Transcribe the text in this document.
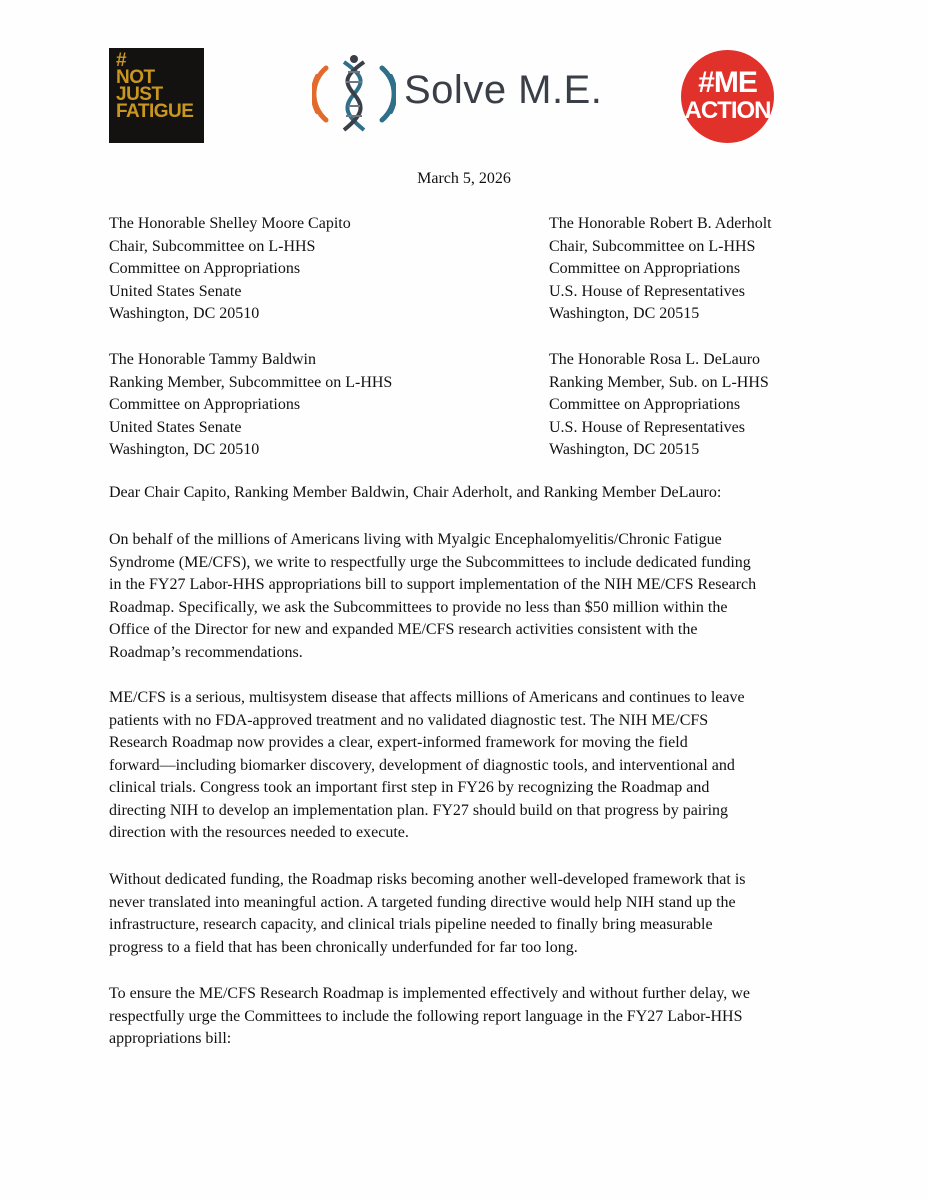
#
NOT
JUST
FATIGUE	Solve M.E.	#ME
ACTION
March 5, 2026
The Honorable Shelley Moore Capito
Chair, Subcommittee on L-HHS
Committee on Appropriations
United States Senate
Washington, DC 20510
The Honorable Robert B. Aderholt
Chair, Subcommittee on L-HHS
Committee on Appropriations
U.S. House of Representatives
Washington, DC 20515
The Honorable Tammy Baldwin
Ranking Member, Subcommittee on L-HHS
Committee on Appropriations
United States Senate
Washington, DC 20510
The Honorable Rosa L. DeLauro
Ranking Member, Sub. on L-HHS
Committee on Appropriations
U.S. House of Representatives
Washington, DC 20515
Dear Chair Capito, Ranking Member Baldwin, Chair Aderholt, and Ranking Member DeLauro:
On behalf of the millions of Americans living with Myalgic Encephalomyelitis/Chronic Fatigue
Syndrome (ME/CFS), we write to respectfully urge the Subcommittees to include dedicated funding
in the FY27 Labor-HHS appropriations bill to support implementation of the NIH ME/CFS Research
Roadmap. Specifically, we ask the Subcommittees to provide no less than $50 million within the
Office of the Director for new and expanded ME/CFS research activities consistent with the
Roadmap’s recommendations.
ME/CFS is a serious, multisystem disease that affects millions of Americans and continues to leave
patients with no FDA-approved treatment and no validated diagnostic test. The NIH ME/CFS
Research Roadmap now provides a clear, expert-informed framework for moving the field
forward—including biomarker discovery, development of diagnostic tools, and interventional and
clinical trials. Congress took an important first step in FY26 by recognizing the Roadmap and
directing NIH to develop an implementation plan. FY27 should build on that progress by pairing
direction with the resources needed to execute.
Without dedicated funding, the Roadmap risks becoming another well-developed framework that is
never translated into meaningful action. A targeted funding directive would help NIH stand up the
infrastructure, research capacity, and clinical trials pipeline needed to finally bring measurable
progress to a field that has been chronically underfunded for far too long.
To ensure the ME/CFS Research Roadmap is implemented effectively and without further delay, we
respectfully urge the Committees to include the following report language in the FY27 Labor-HHS
appropriations bill:
